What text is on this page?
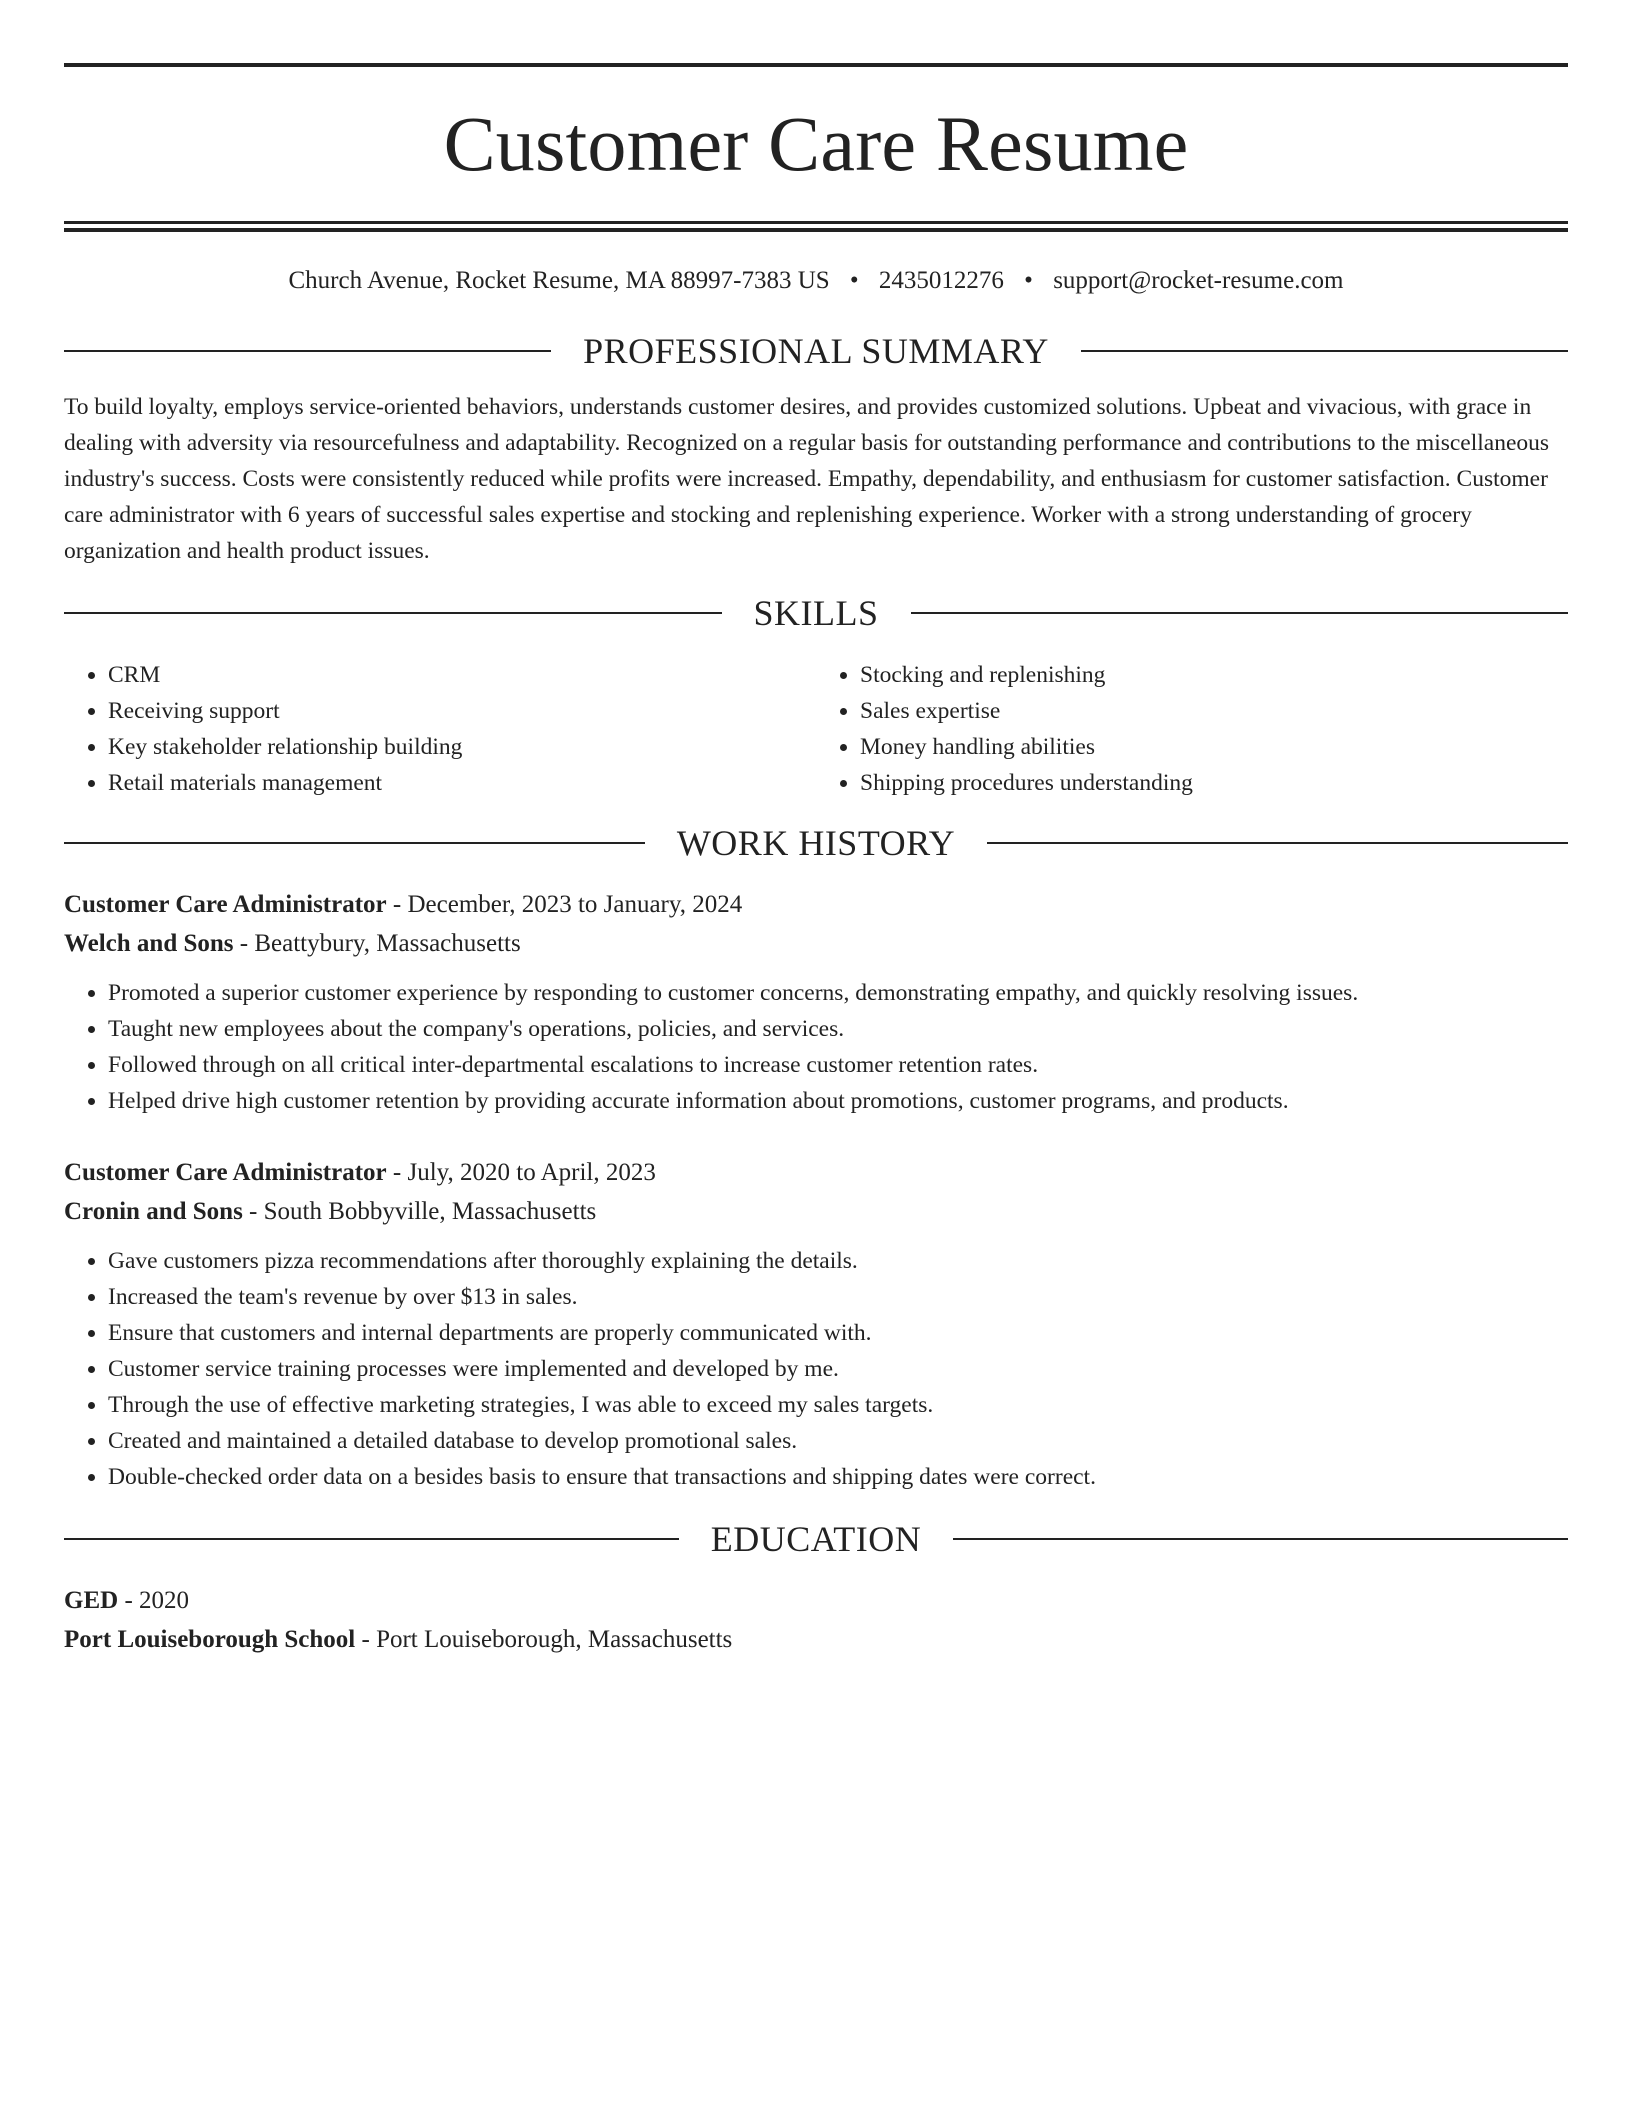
Customer Care Resume
Church Avenue, Rocket Resume, MA 88997-7383 US • 2435012276 • support@rocket-resume.com
PROFESSIONAL SUMMARY

To build loyalty, employs service-oriented behaviors, understands customer desires, and provides customized solutions. Upbeat and vivacious, with grace in dealing with adversity via resourcefulness and adaptability. Recognized on a regular basis for outstanding performance and contributions to the miscellaneous industry's success. Costs were consistently reduced while profits were increased. Empathy, dependability, and enthusiasm for customer satisfaction. Customer care administrator with 6 years of successful sales expertise and stocking and replenishing experience. Worker with a strong understanding of grocery organization and health product issues.

SKILLS
• CRM
• Receiving support
• Key stakeholder relationship building
• Retail materials management
• Stocking and replenishing
• Sales expertise
• Money handling abilities
• Shipping procedures understanding
WORK HISTORY
Customer Care Administrator - December, 2023 to January, 2024
Welch and Sons - Beattybury, Massachusetts
• Promoted a superior customer experience by responding to customer concerns, demonstrating empathy, and quickly resolving issues.
• Taught new employees about the company's operations, policies, and services.
• Followed through on all critical inter-departmental escalations to increase customer retention rates.
• Helped drive high customer retention by providing accurate information about promotions, customer programs, and products.
Customer Care Administrator - July, 2020 to April, 2023
Cronin and Sons - South Bobbyville, Massachusetts
• Gave customers pizza recommendations after thoroughly explaining the details.
• Increased the team's revenue by over $13 in sales.
• Ensure that customers and internal departments are properly communicated with.
• Customer service training processes were implemented and developed by me.
• Through the use of effective marketing strategies, I was able to exceed my sales targets.
• Created and maintained a detailed database to develop promotional sales.
• Double-checked order data on a besides basis to ensure that transactions and shipping dates were correct.
EDUCATION
GED - 2020
Port Louiseborough School - Port Louiseborough, Massachusetts
